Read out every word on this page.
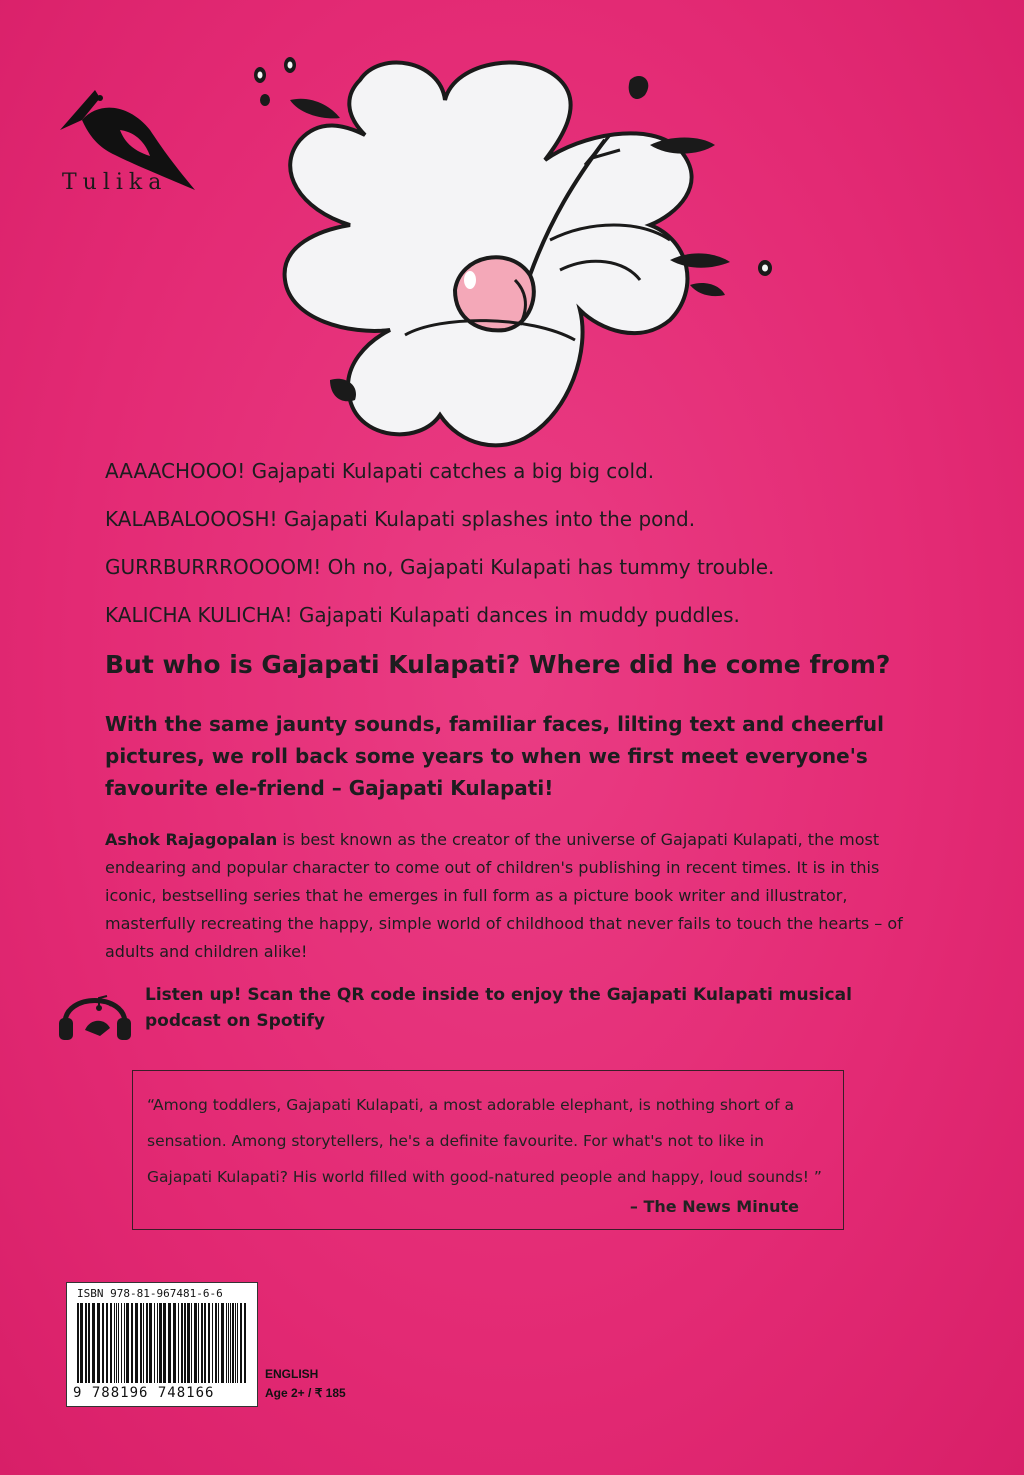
Tulika

AAAACHOOO! Gajapati Kulapati catches a big big cold.

KALABALOOOSH! Gajapati Kulapati splashes into the pond.

GURRBURRROOOOM! Oh no, Gajapati Kulapati has tummy trouble.

KALICHA KULICHA! Gajapati Kulapati dances in muddy puddles.

But who is Gajapati Kulapati? Where did he come from?
With the same jaunty sounds, familiar faces, lilting text and cheerful pictures, we roll back some years to when we first meet everyone's favourite ele-friend – Gajapati Kulapati!
Ashok Rajagopalan is best known as the creator of the universe of Gajapati Kulapati, the most endearing and popular character to come out of children's publishing in recent times. It is in this iconic, bestselling series that he emerges in full form as a picture book writer and illustrator, masterfully recreating the happy, simple world of childhood that never fails to touch the hearts – of adults and children alike!
Listen up! Scan the QR code inside to enjoy the Gajapati Kulapati musical podcast on Spotify
“Among toddlers, Gajapati Kulapati, a most adorable elephant, is nothing short of a sensation. Among storytellers, he's a definite favourite. For what's not to like in Gajapati Kulapati? His world filled with good-natured people and happy, loud sounds! ”
– The News Minute
ISBN 978-81-967481-6-6
9 788196 748166
ENGLISH
Age 2+ / ₹ 185
